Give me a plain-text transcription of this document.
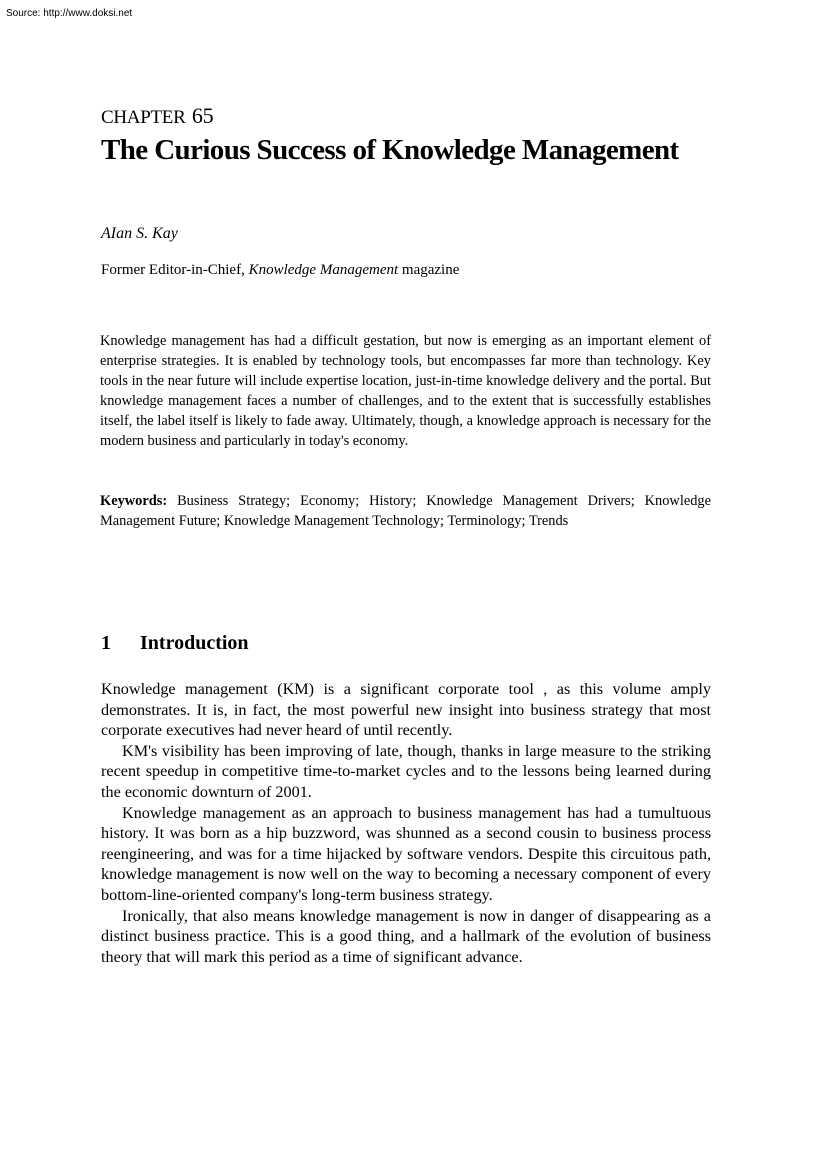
Source: http://www.doksi.net
CHAPTER 65
The Curious Success of Knowledge Management
AIan S. Kay
Former Editor-in-Chief, Knowledge Management magazine

Knowledge management has had a difficult gestation, but now is emerging as an important element of enterprise strategies. It is enabled by technology tools, but encompasses far more than technology. Key tools in the near future will include expertise location, just-in-time knowledge delivery and the portal. But knowledge management faces a number of challenges, and to the extent that is successfully establishes itself, the label itself is likely to fade away. Ultimately, though, a knowledge approach is necessary for the modern business and particularly in today's economy.

Keywords: Business Strategy; Economy; History; Knowledge Management Drivers; Knowledge Management Future; Knowledge Management Technology; Terminology; Trends

1 Introduction

Knowledge management (KM) is a significant corporate tool , as this volume amply demonstrates. It is, in fact, the most powerful new insight into business strategy that most corporate executives had never heard of until recently.

KM's visibility has been improving of late, though, thanks in large measure to the striking recent speedup in competitive time-to-market cycles and to the lessons being learned during the economic downturn of 2001.

Knowledge management as an approach to business management has had a tumultuous history. It was born as a hip buzzword, was shunned as a second cousin to business process reengineering, and was for a time hijacked by software vendors. Despite this circuitous path, knowledge management is now well on the way to becoming a necessary component of every bottom-line-oriented company's long-term business strategy.

Ironically, that also means knowledge management is now in danger of disappearing as a distinct business practice. This is a good thing, and a hallmark of the evolution of business theory that will mark this period as a time of significant advance.
